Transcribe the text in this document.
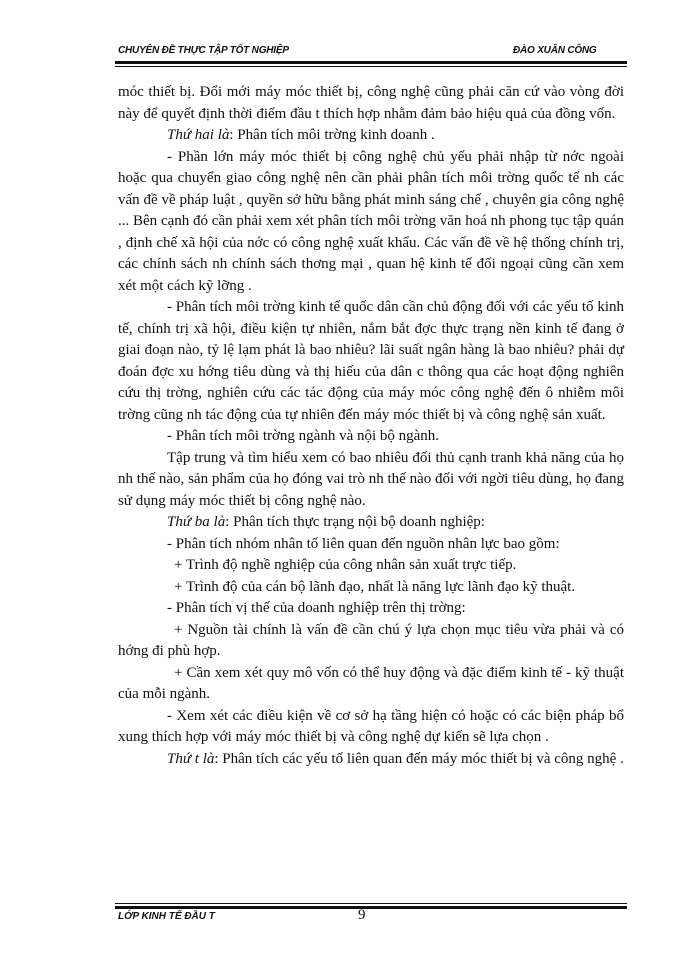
CHUYÊN ĐỀ THỰC TẬP TỐT NGHIỆP	ĐÀO XUÂN CÔNG

móc thiết bị. Đổi mới máy móc thiết bị, công nghệ cũng phải căn cứ vào vòng đời này để quyết định thời điểm đầu t thích hợp nhằm đảm bảo hiệu quả của đồng vốn.

Thứ hai là: Phân tích môi trờng kinh doanh .

- Phần lớn máy móc thiết bị công nghệ chủ yếu phải nhập từ nớc ngoài hoặc qua chuyển giao công nghệ nên cần phải phân tích môi trờng quốc tế nh các vấn đề về pháp luật , quyền sở hữu bằng phát minh sáng chế , chuyên gia công nghệ ... Bên cạnh đó cần phải xem xét phân tích môi trờng văn hoá nh phong tục tập quán , định chế xã hội của nớc có công nghệ xuất khẩu. Các vấn đề về hệ thống chính trị, các chính sách nh chính sách thơng mại , quan hệ kinh tế đối ngoại cũng cần xem xét một cách kỹ lỡng .

- Phân tích môi trờng kinh tế quốc dân cần chủ động đối với các yếu tố kinh tế, chính trị xã hội, điều kiện tự nhiên, nắm bắt đợc thực trạng nền kinh tế đang ở giai đoạn nào, tỷ lệ lạm phát là bao nhiêu? lãi suất ngân hàng là bao nhiêu? phải dự đoán đợc xu hớng tiêu dùng và thị hiếu của dân c thông qua các hoạt động nghiên cứu thị trờng, nghiên cứu các tác động của máy móc công nghệ đến ô nhiễm môi trờng cũng nh tác động của tự nhiên đến máy móc thiết bị và công nghệ sản xuất.

- Phân tích môi trờng ngành và nội bộ ngành.

Tập trung và tìm hiểu xem có bao nhiêu đối thủ cạnh tranh khả năng của họ nh thế nào, sản phẩm của họ đóng vai trò nh thế nào đối với ngời tiêu dùng, họ đang sử dụng máy móc thiết bị công nghệ nào.

Thứ ba là: Phân tích thực trạng nội bộ doanh nghiệp:

- Phân tích nhóm nhân tố liên quan đến nguồn nhân lực bao gồm:

+ Trình độ nghề nghiệp của công nhân sản xuất trực tiếp.

+ Trình độ của cán bộ lãnh đạo, nhất là năng lực lãnh đạo kỹ thuật.

- Phân tích vị thế của doanh nghiệp trên thị trờng:

+ Nguồn tài chính là vấn đề cần chú ý lựa chọn mục tiêu vừa phải và có hớng đi phù hợp.

+ Cần xem xét quy mô vốn có thể huy động và đặc điểm kinh tế - kỹ thuật của mỗi ngành.

- Xem xét các điều kiện về cơ sở hạ tầng hiện có hoặc có các biện pháp bổ xung thích hợp với máy móc thiết bị và công nghệ dự kiến sẽ lựa chọn .

Thứ t là: Phân tích các yếu tố liên quan đến máy móc thiết bị và công nghệ .

LỚP KINH TẾ ĐẦU T	9
